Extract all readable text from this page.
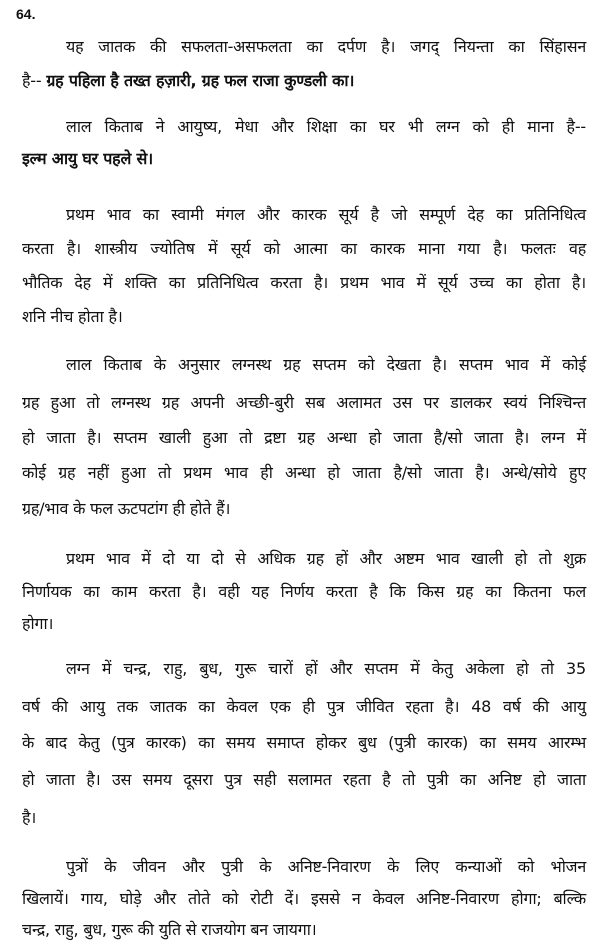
64.
यह जातक की सफलता-असफलता का दर्पण है। जगद् नियन्ता का सिंहासन
है-- ग्रह पहिला है तख्त हज़ारी, ग्रह फल राजा कुण्डली का।
लाल किताब ने आयुष्य, मेधा और शिक्षा का घर भी लग्न को ही माना है--
इल्म आयु घर पहले से।
प्रथम भाव का स्वामी मंगल और कारक सूर्य है जो सम्पूर्ण देह का प्रतिनिधित्व
करता है। शास्त्रीय ज्योतिष में सूर्य को आत्मा का कारक माना गया है। फलतः वह
भौतिक देह में शक्ति का प्रतिनिधित्व करता है। प्रथम भाव में सूर्य उच्च का होता है।
शनि नीच होता है।
लाल किताब के अनुसार लग्नस्थ ग्रह सप्तम को देखता है। सप्तम भाव में कोई
ग्रह हुआ तो लग्नस्थ ग्रह अपनी अच्छी-बुरी सब अलामत उस पर डालकर स्वयं निश्चिन्त
हो जाता है। सप्तम खाली हुआ तो द्रष्टा ग्रह अन्धा हो जाता है/सो जाता है। लग्न में
कोई ग्रह नहीं हुआ तो प्रथम भाव ही अन्धा हो जाता है/सो जाता है। अन्धे/सोये हुए
ग्रह/भाव के फल ऊटपटांग ही होते हैं।
प्रथम भाव में दो या दो से अधिक ग्रह हों और अष्टम भाव खाली हो तो शुक्र
निर्णायक का काम करता है। वही यह निर्णय करता है कि किस ग्रह का कितना फल
होगा।
लग्न में चन्द्र, राहु, बुध, गुरू चारों हों और सप्तम में केतु अकेला हो तो 35
वर्ष की आयु तक जातक का केवल एक ही पुत्र जीवित रहता है। 48 वर्ष की आयु
के बाद केतु (पुत्र कारक) का समय समाप्त होकर बुध (पुत्री कारक) का समय आरम्भ
हो जाता है। उस समय दूसरा पुत्र सही सलामत रहता है तो पुत्री का अनिष्ट हो जाता
है।
पुत्रों के जीवन और पुत्री के अनिष्ट-निवारण के लिए कन्याओं को भोजन
खिलायें। गाय, घोड़े और तोते को रोटी दें। इससे न केवल अनिष्ट-निवारण होगा; बल्कि
चन्द्र, राहु, बुध, गुरू की युति से राजयोग बन जायगा।
